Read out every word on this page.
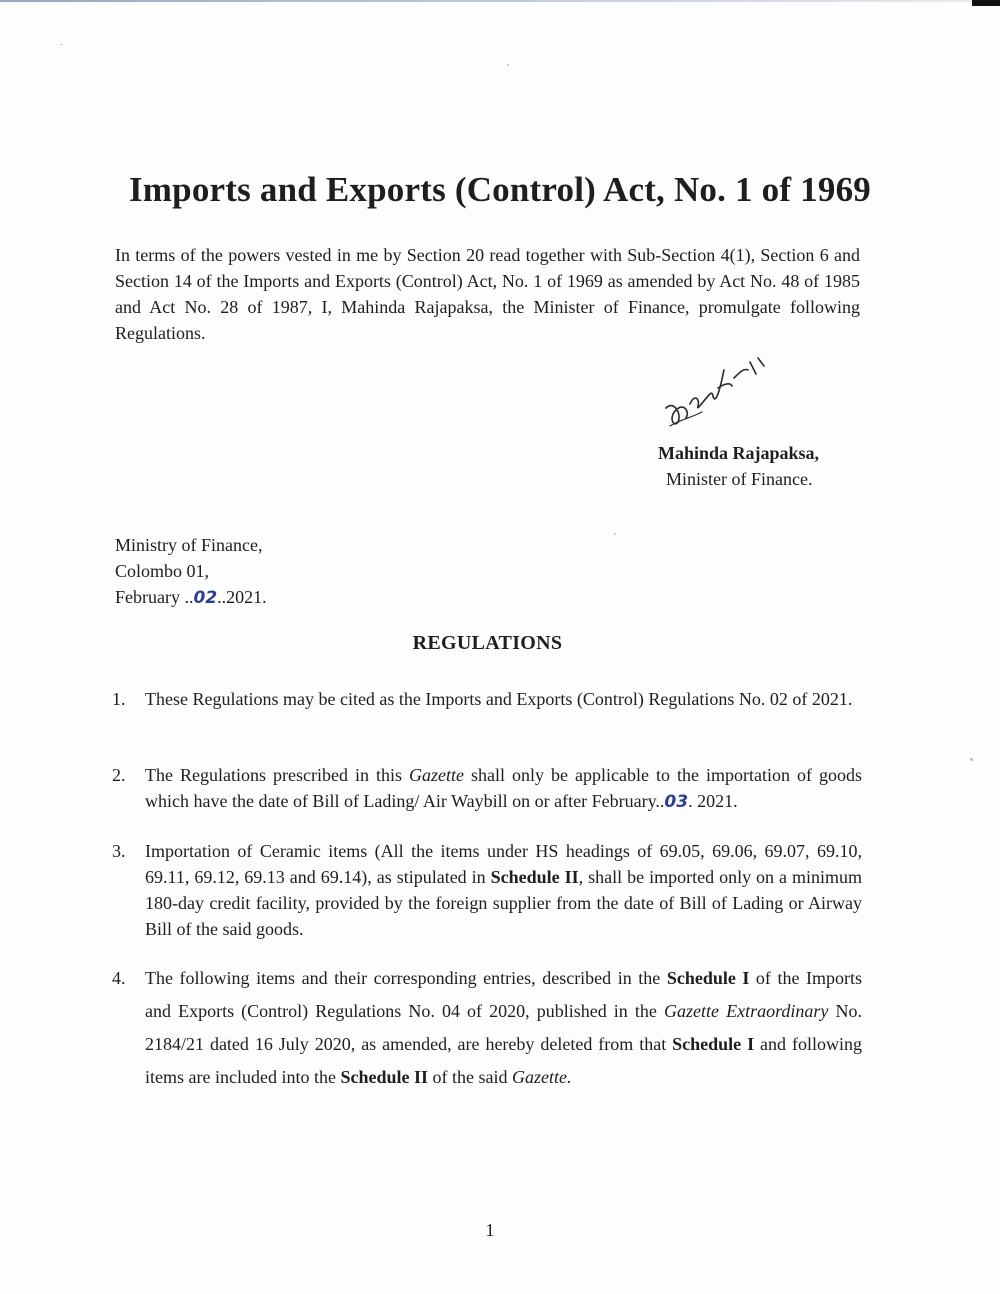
Imports and Exports (Control) Act, No. 1 of 1969
In terms of the powers vested in me by Section 20 read together with Sub-Section 4(1), Section 6 and Section 14 of the Imports and Exports (Control) Act, No. 1 of 1969 as amended by Act No. 48 of 1985 and Act No. 28 of 1987, I, Mahinda Rajapaksa, the Minister of Finance, promulgate following Regulations.
Mahinda Rajapaksa,
Minister of Finance.
Ministry of Finance,
Colombo 01,
February ..02..2021.
REGULATIONS
1.	These Regulations may be cited as the Imports and Exports (Control) Regulations No. 02 of 2021.
2.	The Regulations prescribed in this Gazette shall only be applicable to the importation of goods which have the date of Bill of Lading/ Air Waybill on or after February..03. 2021.
3.	Importation of Ceramic items (All the items under HS headings of 69.05, 69.06, 69.07, 69.10, 69.11, 69.12, 69.13 and 69.14), as stipulated in Schedule II, shall be imported only on a minimum 180-day credit facility, provided by the foreign supplier from the date of Bill of Lading or Airway Bill of the said goods.
4.	The following items and their corresponding entries, described in the Schedule I of the Imports and Exports (Control) Regulations No. 04 of 2020, published in the Gazette Extraordinary No. 2184/21 dated 16 July 2020, as amended, are hereby deleted from that Schedule I and following items are included into the Schedule II of the said Gazette.
1
